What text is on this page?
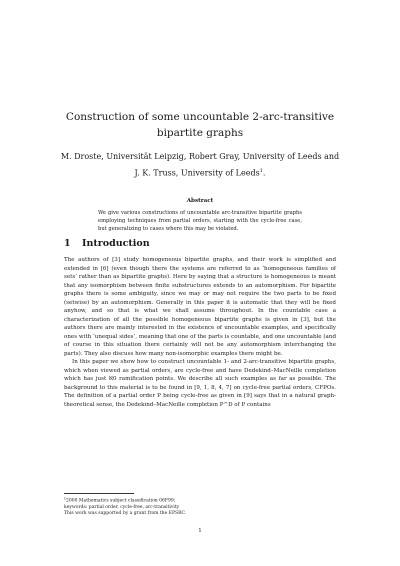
Construction of some uncountable 2-arc-transitive
bipartite graphs
M. Droste, Universität Leipzig, Robert Gray, University of Leeds and
J. K. Truss, University of Leeds$^1$.
Abstract
We give various constructions of uncountable arc-transitive bipartite graphs employing techniques from partial orders, starting with the cycle-free case, but generalizing to cases where this may be violated.
1 Introduction

The authors of [3] study homogeneous bipartite graphs, and their work is simplified and extended in [6] (even though there the systems are referred to as ‘homogeneous families of sets’ rather than as bipartite graphs). Here by saying that a structure is homogeneous is meant that any isomorphism between finite substructures extends to an automorphism. For bipartite graphs there is some ambiguity, since we may or may not require the two parts to be fixed (setwise) by an automorphism. Generally in this paper it is automatic that they will be fixed anyhow, and so that is what we shall assume throughout. In the countable case a characterization of all the possible homogeneous bipartite graphs is given in [3], but the authors there are mainly interested in the existence of uncountable examples, and specifically ones with ‘unequal sides’, meaning that one of the parts is countable, and one uncountable (and of course in this situation there certainly will not be any automorphism interchanging the parts). They also discuss how many non-isomorphic examples there might be.

In this paper we show how to construct uncountable 1- and 2-arc-transitive bipartite graphs, which when viewed as partial orders, are cycle-free and have Dedekind–MacNeille completion which has just ℵ0 ramification points. We describe all such examples as far as possible. The background to this material is to be found in [9, 1, 8, 4, 7] on cycle-free partial orders, CFPOs. The definition of a partial order P being cycle-free as given in [9] says that in a natural graph-theoretical sense, the Dedekind–MacNeille completion P^D of P contains

$^1$2000 Mathematics subject classification 06F99;
keywords: partial order, cycle-free, arc-transitivity
This work was supported by a grant from the EPSRC.
1
